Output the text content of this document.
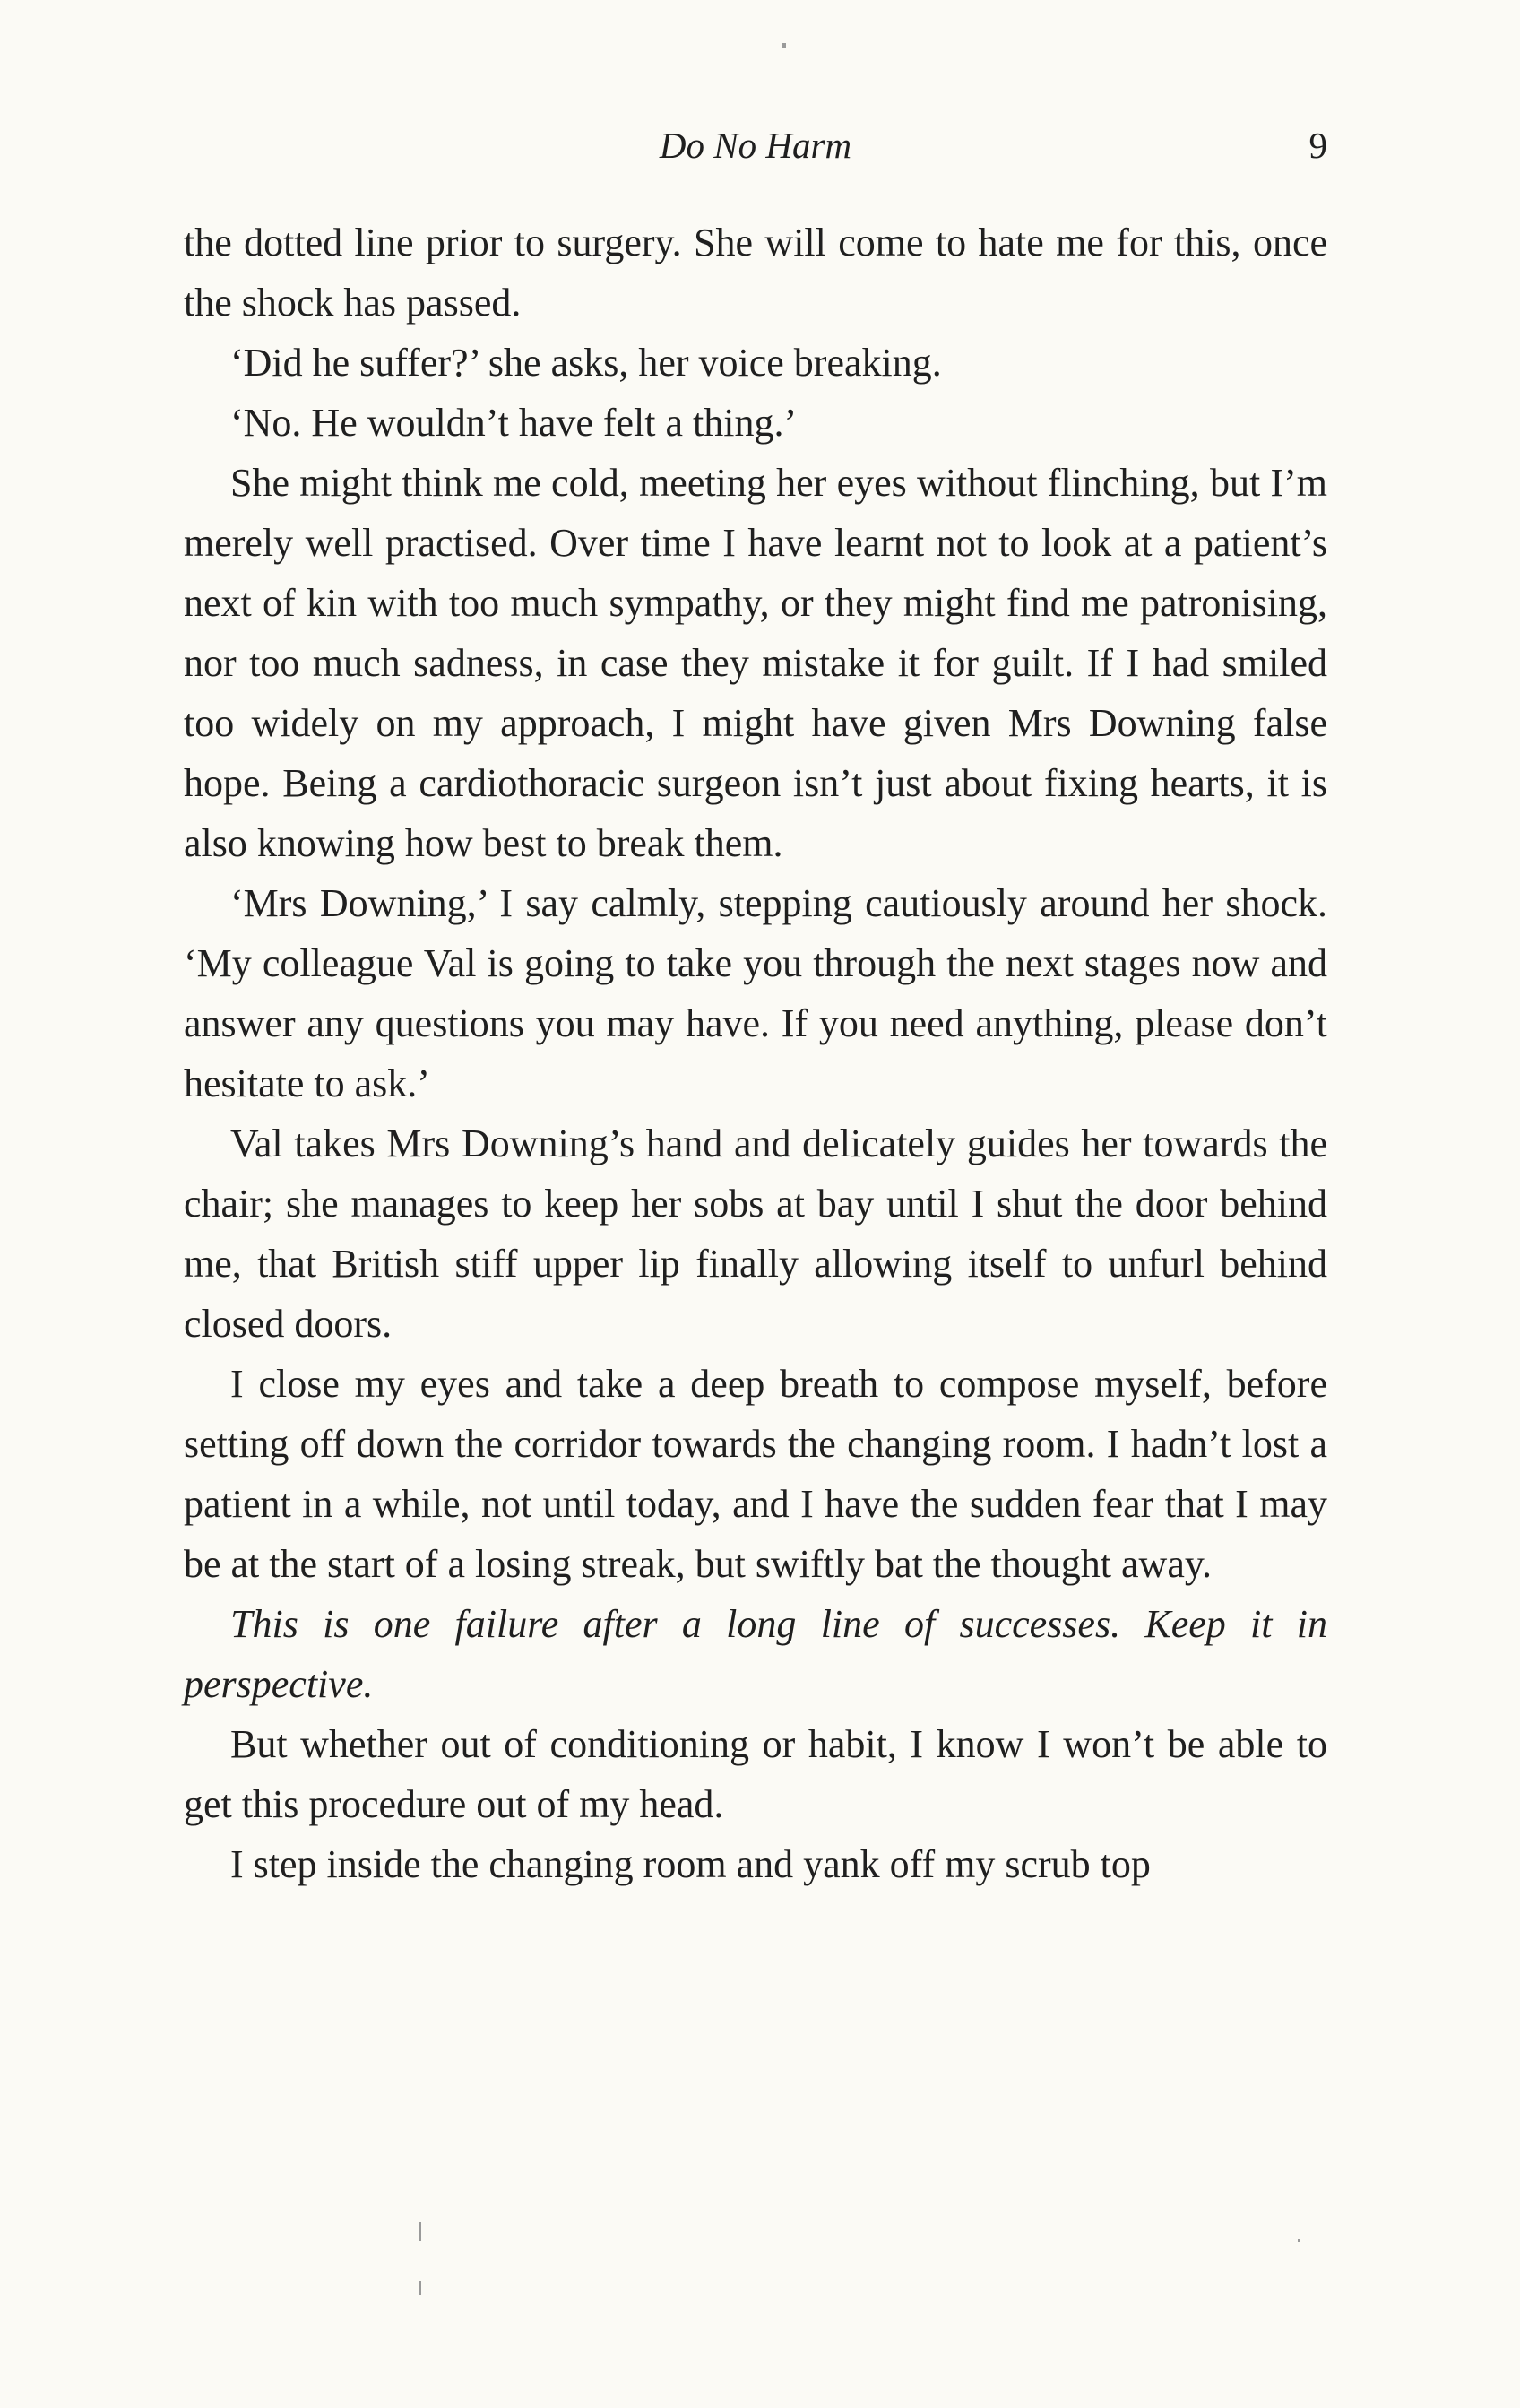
Do No Harm	9

the dotted line prior to surgery. She will come to hate me for this, once the shock has passed.

‘Did he suffer?’ she asks, her voice breaking.

‘No. He wouldn’t have felt a thing.’

She might think me cold, meeting her eyes without flinching, but I’m merely well practised. Over time I have learnt not to look at a patient’s next of kin with too much sympathy, or they might find me patronising, nor too much sadness, in case they mistake it for guilt. If I had smiled too widely on my approach, I might have given Mrs Downing false hope. Being a cardiothoracic surgeon isn’t just about fixing hearts, it is also knowing how best to break them.

‘Mrs Downing,’ I say calmly, stepping cautiously around her shock. ‘My colleague Val is going to take you through the next stages now and answer any questions you may have. If you need anything, please don’t hesitate to ask.’

Val takes Mrs Downing’s hand and delicately guides her towards the chair; she manages to keep her sobs at bay until I shut the door behind me, that British stiff upper lip finally allowing itself to unfurl behind closed doors.

I close my eyes and take a deep breath to compose myself, before setting off down the corridor towards the changing room. I hadn’t lost a patient in a while, not until today, and I have the sudden fear that I may be at the start of a losing streak, but swiftly bat the thought away.

This is one failure after a long line of successes. Keep it in perspective.

But whether out of conditioning or habit, I know I won’t be able to get this procedure out of my head.

I step inside the changing room and yank off my scrub top
